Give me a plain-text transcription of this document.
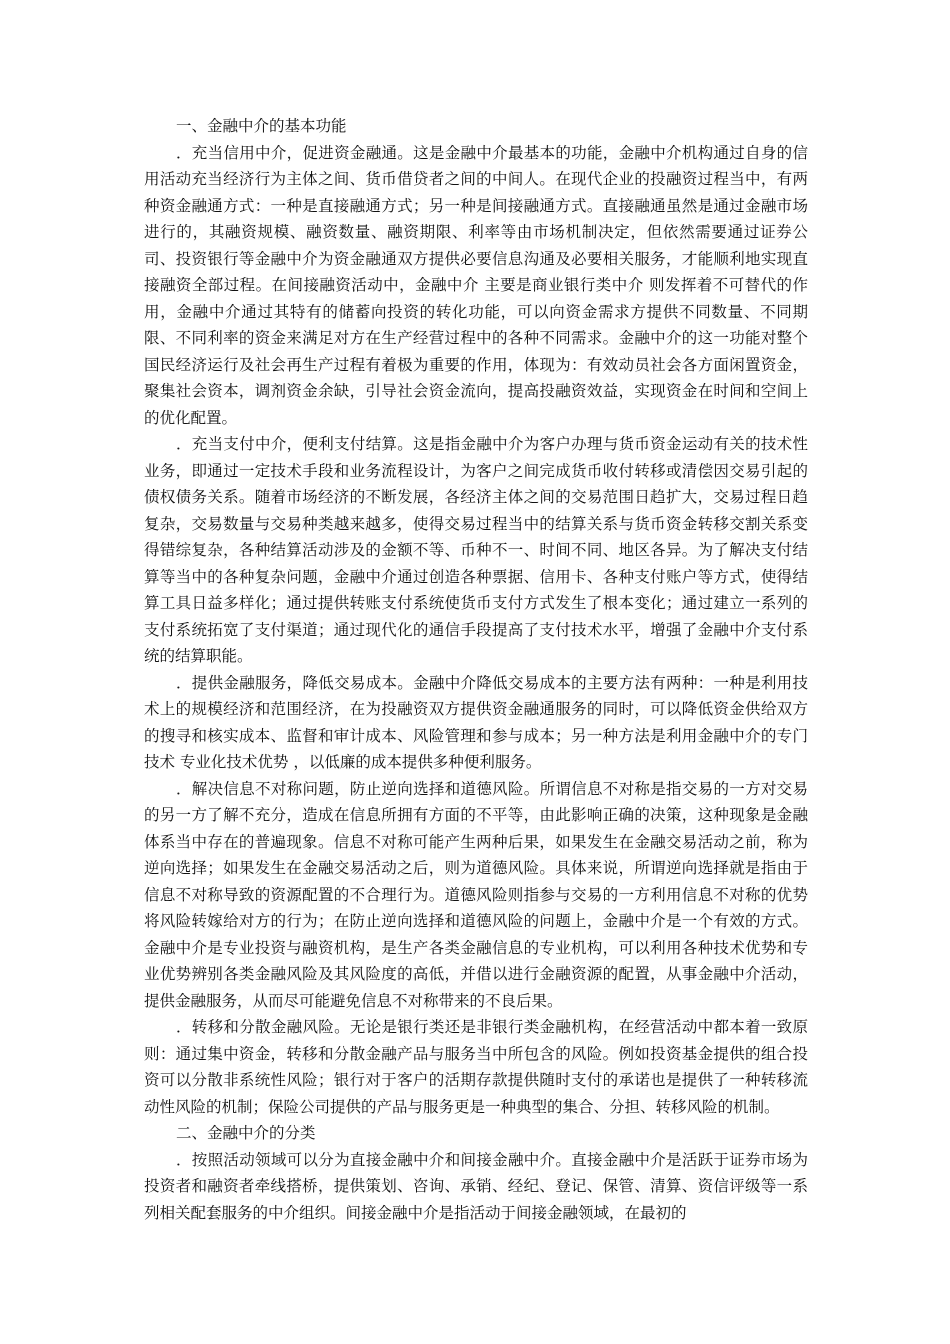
一、金融中介的基本功能

．充当信用中介，促进资金融通。这是金融中介最基本的功能，金融中介机构通过自身的信用活动充当经济行为主体之间、货币借贷者之间的中间人。在现代企业的投融资过程当中，有两种资金融通方式：一种是直接融通方式；另一种是间接融通方式。直接融通虽然是通过金融市场进行的，其融资规模、融资数量、融资期限、利率等由市场机制决定，但依然需要通过证券公司、投资银行等金融中介为资金融通双方提供必要信息沟通及必要相关服务，才能顺利地实现直接融资全部过程。在间接融资活动中，金融中介 主要是商业银行类中介 则发挥着不可替代的作用，金融中介通过其特有的储蓄向投资的转化功能，可以向资金需求方提供不同数量、不同期限、不同利率的资金来满足对方在生产经营过程中的各种不同需求。金融中介的这一功能对整个国民经济运行及社会再生产过程有着极为重要的作用，体现为：有效动员社会各方面闲置资金，聚集社会资本，调剂资金余缺，引导社会资金流向，提高投融资效益，实现资金在时间和空间上的优化配置。

．充当支付中介，便利支付结算。这是指金融中介为客户办理与货币资金运动有关的技术性业务，即通过一定技术手段和业务流程设计，为客户之间完成货币收付转移或清偿因交易引起的债权债务关系。随着市场经济的不断发展，各经济主体之间的交易范围日趋扩大，交易过程日趋复杂，交易数量与交易种类越来越多，使得交易过程当中的结算关系与货币资金转移交割关系变得错综复杂，各种结算活动涉及的金额不等、币种不一、时间不同、地区各异。为了解决支付结算等当中的各种复杂问题，金融中介通过创造各种票据、信用卡、各种支付账户等方式，使得结算工具日益多样化；通过提供转账支付系统使货币支付方式发生了根本变化；通过建立一系列的支付系统拓宽了支付渠道；通过现代化的通信手段提高了支付技术水平，增强了金融中介支付系统的结算职能。

．提供金融服务，降低交易成本。金融中介降低交易成本的主要方法有两种：一种是利用技术上的规模经济和范围经济，在为投融资双方提供资金融通服务的同时，可以降低资金供给双方的搜寻和核实成本、监督和审计成本、风险管理和参与成本；另一种方法是利用金融中介的专门技术 专业化技术优势 ，以低廉的成本提供多种便利服务。

．解决信息不对称问题，防止逆向选择和道德风险。所谓信息不对称是指交易的一方对交易的另一方了解不充分，造成在信息所拥有方面的不平等，由此影响正确的决策，这种现象是金融体系当中存在的普遍现象。信息不对称可能产生两种后果，如果发生在金融交易活动之前，称为逆向选择；如果发生在金融交易活动之后，则为道德风险。具体来说，所谓逆向选择就是指由于信息不对称导致的资源配置的不合理行为。道德风险则指参与交易的一方利用信息不对称的优势将风险转嫁给对方的行为；在防止逆向选择和道德风险的问题上，金融中介是一个有效的方式。金融中介是专业投资与融资机构，是生产各类金融信息的专业机构，可以利用各种技术优势和专业优势辨别各类金融风险及其风险度的高低，并借以进行金融资源的配置，从事金融中介活动，提供金融服务，从而尽可能避免信息不对称带来的不良后果。

．转移和分散金融风险。无论是银行类还是非银行类金融机构，在经营活动中都本着一致原则：通过集中资金，转移和分散金融产品与服务当中所包含的风险。例如投资基金提供的组合投资可以分散非系统性风险；银行对于客户的活期存款提供随时支付的承诺也是提供了一种转移流动性风险的机制；保险公司提供的产品与服务更是一种典型的集合、分担、转移风险的机制。

二、金融中介的分类

．按照活动领域可以分为直接金融中介和间接金融中介。直接金融中介是活跃于证券市场为投资者和融资者牵线搭桥，提供策划、咨询、承销、经纪、登记、保管、清算、资信评级等一系列相关配套服务的中介组织。间接金融中介是指活动于间接金融领域，在最初的
